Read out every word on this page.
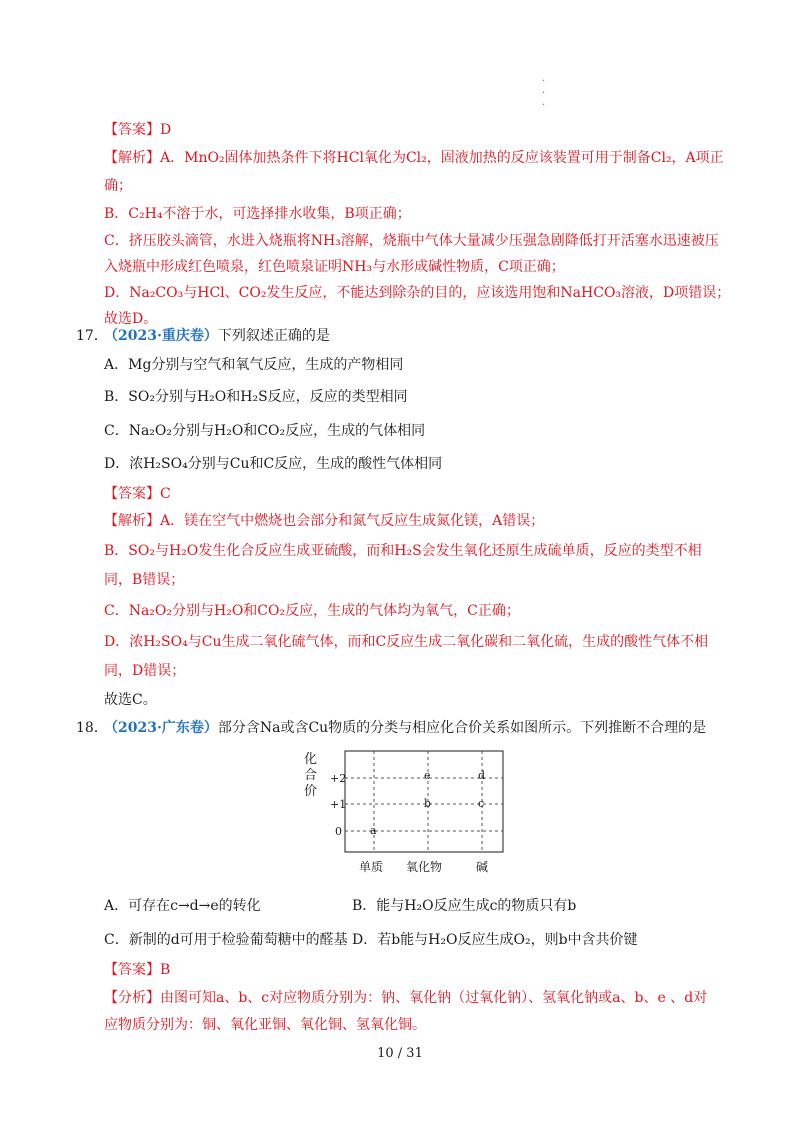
·
·
·
【答案】D
【解析】A．MnO₂固体加热条件下将HCl氧化为Cl₂，固液加热的反应该装置可用于制备Cl₂，A项正
确；
B．C₂H₄不溶于水，可选择排水收集，B项正确；
C．挤压胶头滴管，水进入烧瓶将NH₃溶解，烧瓶中气体大量减少压强急剧降低打开活塞水迅速被压
入烧瓶中形成红色喷泉，红色喷泉证明NH₃与水形成碱性物质，C项正确；
D．Na₂CO₃与HCl、CO₂发生反应，不能达到除杂的目的，应该选用饱和NaHCO₃溶液，D项错误；
故选D。
17．
（2023·重庆卷）下列叙述正确的是
A．Mg分别与空气和氧气反应，生成的产物相同
B．SO₂分别与H₂O和H₂S反应，反应的类型相同
C．Na₂O₂分别与H₂O和CO₂反应，生成的气体相同
D．浓H₂SO₄分别与Cu和C反应，生成的酸性气体相同
【答案】C
【解析】A．镁在空气中燃烧也会部分和氮气反应生成氮化镁，A错误；
B．SO₂与H₂O发生化合反应生成亚硫酸，而和H₂S会发生氧化还原生成硫单质，反应的类型不相
同，B错误；
C．Na₂O₂分别与H₂O和CO₂反应，生成的气体均为氧气，C正确；
D．浓H₂SO₄与Cu生成二氧化硫气体，而和C反应生成二氧化碳和二氧化硫，生成的酸性气体不相
同，D错误；
故选C。
18．
（2023·广东卷）部分含Na或含Cu物质的分类与相应化合价关系如图所示。下列推断不合理的是
化
合
价
+2
+1
0
单质 氧化物	碱
a
b	c
e	d
A．可存在c→d→e的转化	B．能与H₂O反应生成c的物质只有b
C．新制的d可用于检验葡萄糖中的醛基 D．若b能与H₂O反应生成O₂，则b中含共价键
【答案】B
【分析】由图可知a、b、c对应物质分别为：钠、氧化钠（过氧化钠）、氢氧化钠或a、b、e 、d对
应物质分别为：铜、氧化亚铜、氧化铜、氢氧化铜。
10 / 31
